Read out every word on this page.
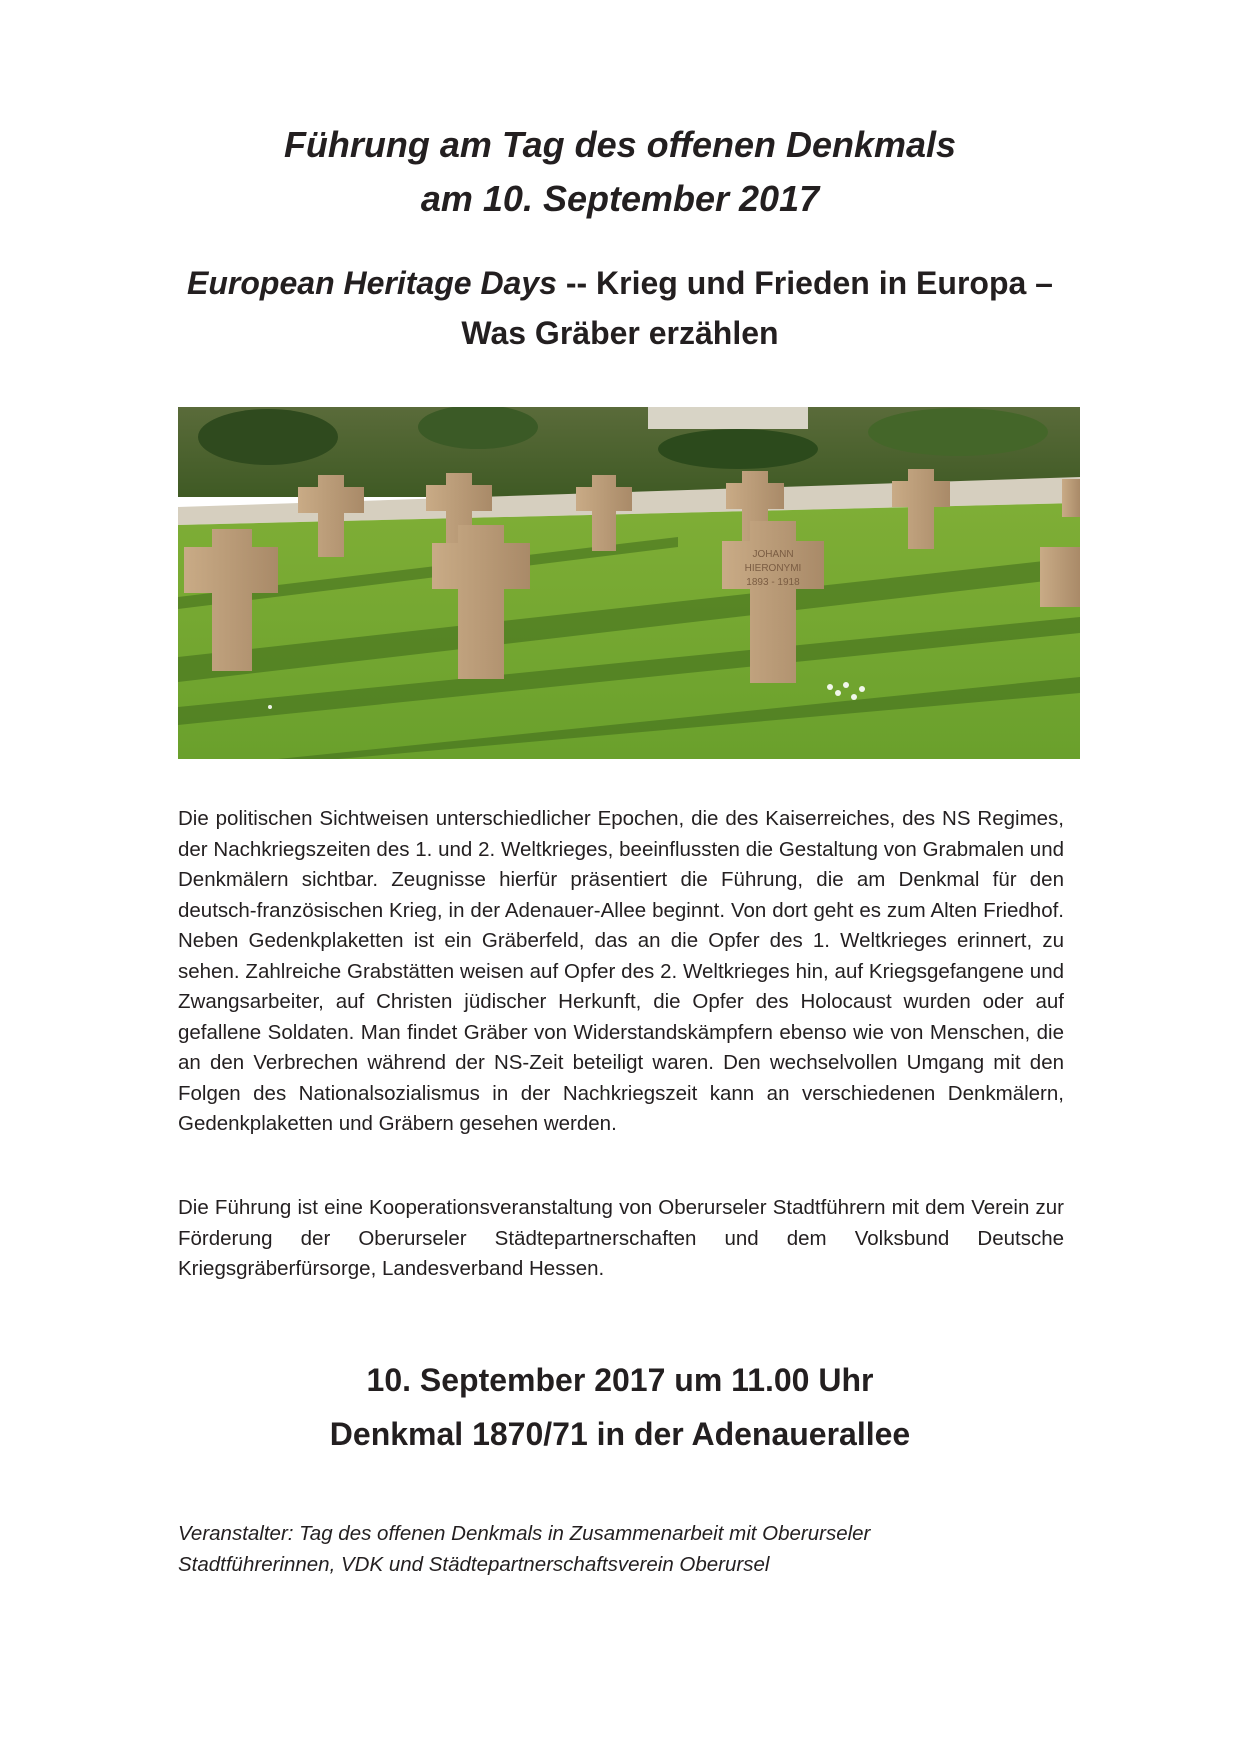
Führung am Tag des offenen Denkmals
am 10. September 2017
European Heritage Days -- Krieg und Frieden in Europa –
Was Gräber erzählen
JOHANN
HIERONYMI
1893 - 1918

Die politischen Sichtweisen unterschiedlicher Epochen, die des Kaiserreiches, des NS Regimes, der Nachkriegszeiten des 1. und 2. Weltkrieges, beeinflussten die Gestaltung von Grabmalen und Denkmälern sichtbar. Zeugnisse hierfür präsentiert die Führung, die am Denkmal für den deutsch-französischen Krieg, in der Adenauer-Allee beginnt. Von dort geht es zum Alten Friedhof. Neben Gedenkplaketten ist ein Gräberfeld, das an die Opfer des 1. Weltkrieges erinnert, zu sehen. Zahlreiche Grabstätten weisen auf Opfer des 2. Weltkrieges hin, auf Kriegsgefangene und Zwangsarbeiter, auf Christen jüdischer Herkunft, die Opfer des Holocaust wurden oder auf gefallene Soldaten. Man findet Gräber von Widerstandskämpfern ebenso wie von Menschen, die an den Verbrechen während der NS-Zeit beteiligt waren. Den wechselvollen Umgang mit den Folgen des Nationalsozialismus in der Nachkriegszeit kann an verschiedenen Denkmälern, Gedenkplaketten und Gräbern gesehen werden.

Die Führung ist eine Kooperationsveranstaltung von Oberurseler Stadtführern mit dem Verein zur Förderung der Oberurseler Städtepartnerschaften und dem Volksbund Deutsche Kriegsgräberfürsorge, Landesverband Hessen.

10. September 2017 um 11.00 Uhr
Denkmal 1870/71 in der Adenauerallee

Veranstalter: Tag des offenen Denkmals in Zusammenarbeit mit Oberurseler
Stadtführerinnen, VDK und Städtepartnerschaftsverein Oberursel
